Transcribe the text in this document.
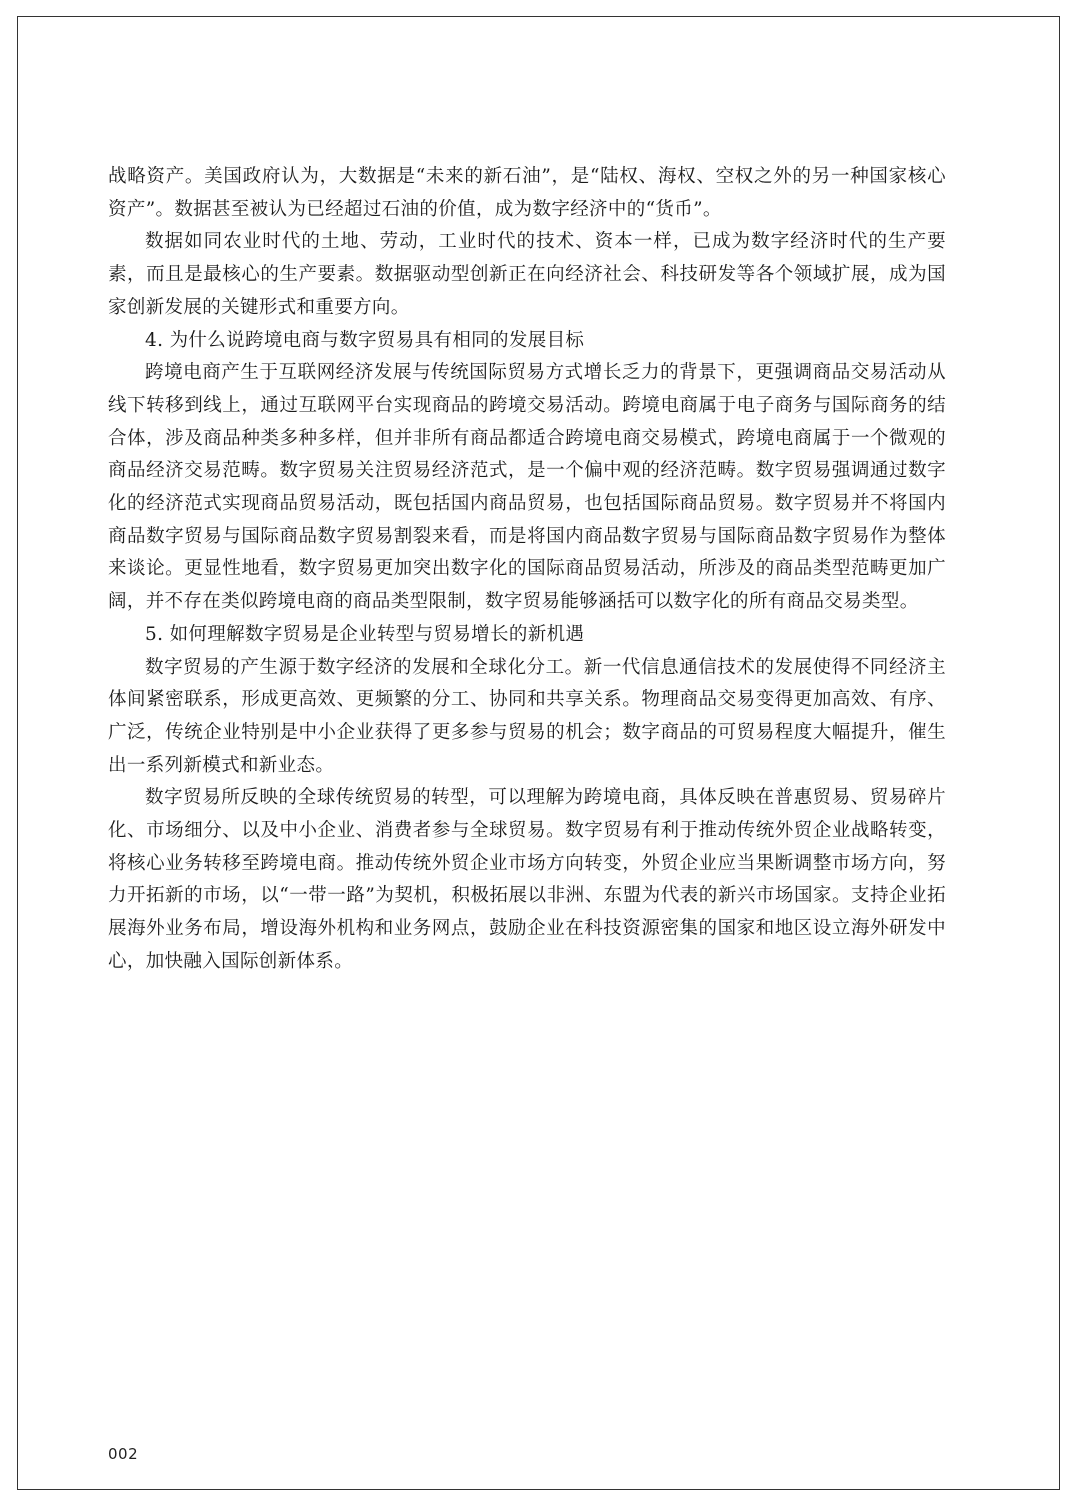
战略资产。美国政府认为，大数据是“未来的新石油”，是“陆权、海权、空权之外的另一种国家核心资产”。数据甚至被认为已经超过石油的价值，成为数字经济中的“货币”。

数据如同农业时代的土地、劳动，工业时代的技术、资本一样，已成为数字经济时代的生产要素，而且是最核心的生产要素。数据驱动型创新正在向经济社会、科技研发等各个领域扩展，成为国家创新发展的关键形式和重要方向。

4. 为什么说跨境电商与数字贸易具有相同的发展目标

跨境电商产生于互联网经济发展与传统国际贸易方式增长乏力的背景下，更强调商品交易活动从线下转移到线上，通过互联网平台实现商品的跨境交易活动。跨境电商属于电子商务与国际商务的结合体，涉及商品种类多种多样，但并非所有商品都适合跨境电商交易模式，跨境电商属于一个微观的商品经济交易范畴。数字贸易关注贸易经济范式，是一个偏中观的经济范畴。数字贸易强调通过数字化的经济范式实现商品贸易活动，既包括国内商品贸易，也包括国际商品贸易。数字贸易并不将国内商品数字贸易与国际商品数字贸易割裂来看，而是将国内商品数字贸易与国际商品数字贸易作为整体来谈论。更显性地看，数字贸易更加突出数字化的国际商品贸易活动，所涉及的商品类型范畴更加广阔，并不存在类似跨境电商的商品类型限制，数字贸易能够涵括可以数字化的所有商品交易类型。

5. 如何理解数字贸易是企业转型与贸易增长的新机遇

数字贸易的产生源于数字经济的发展和全球化分工。新一代信息通信技术的发展使得不同经济主体间紧密联系，形成更高效、更频繁的分工、协同和共享关系。物理商品交易变得更加高效、有序、广泛，传统企业特别是中小企业获得了更多参与贸易的机会；数字商品的可贸易程度大幅提升，催生出一系列新模式和新业态。

数字贸易所反映的全球传统贸易的转型，可以理解为跨境电商，具体反映在普惠贸易、贸易碎片化、市场细分、以及中小企业、消费者参与全球贸易。数字贸易有利于推动传统外贸企业战略转变，将核心业务转移至跨境电商。推动传统外贸企业市场方向转变，外贸企业应当果断调整市场方向，努力开拓新的市场，以“一带一路”为契机，积极拓展以非洲、东盟为代表的新兴市场国家。支持企业拓展海外业务布局，增设海外机构和业务网点，鼓励企业在科技资源密集的国家和地区设立海外研发中心，加快融入国际创新体系。

002
